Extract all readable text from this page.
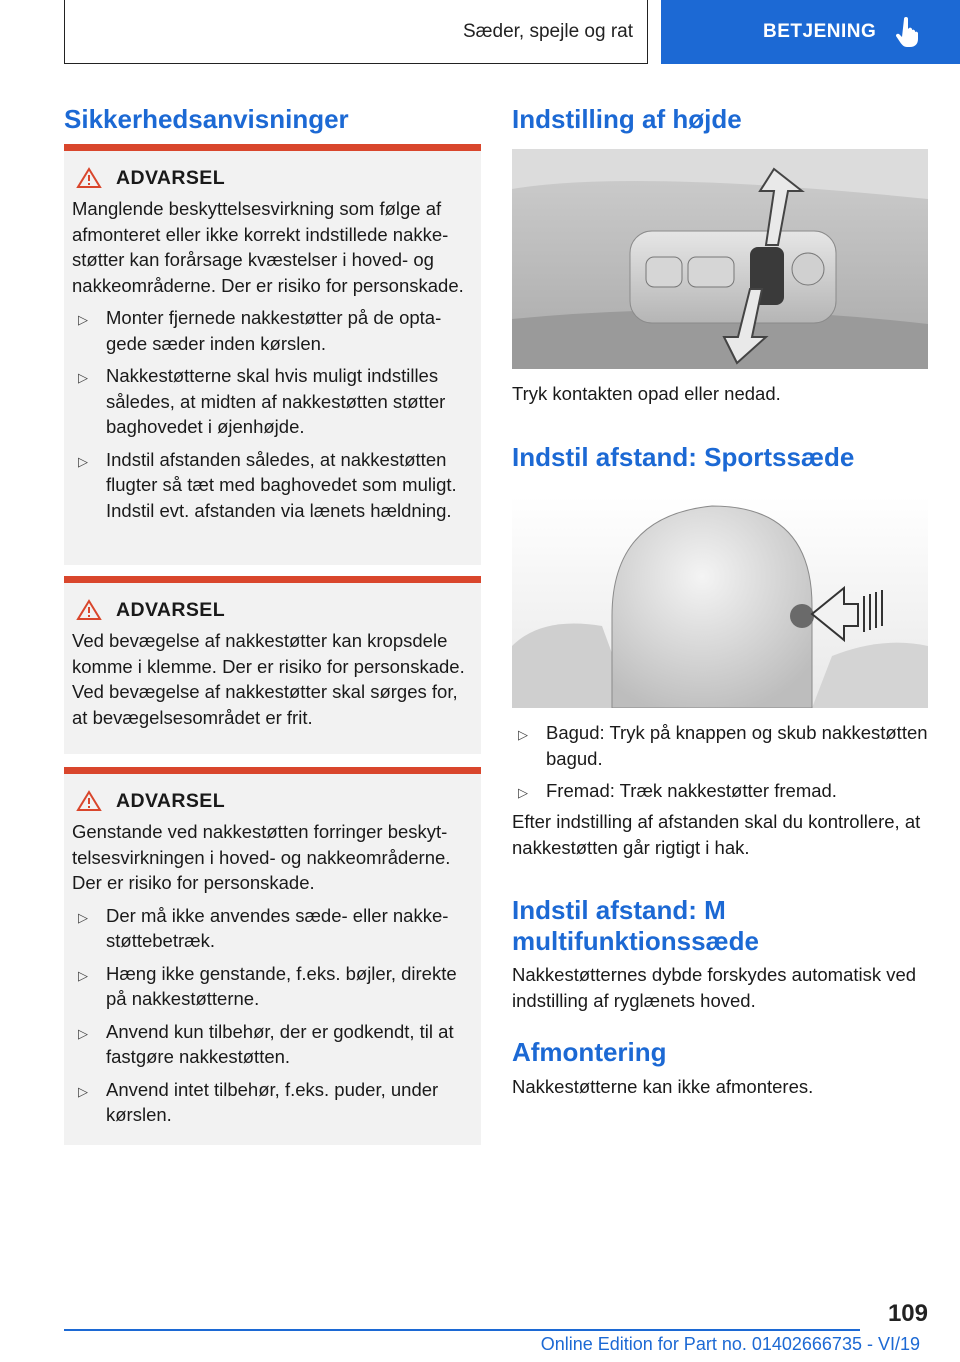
Sæder, spejle og rat	BETJENING
Sikkerhedsanvisninger
ADVARSEL

Manglende beskyttelsesvirkning som følge af afmonteret eller ikke korrekt indstillede nakkestøtter kan forårsage kvæstelser i hoved- og nakkeområderne. Der er risiko for personskade.

▷ Monter fjernede nakkestøtter på de optagede sæder inden kørslen.
▷ Nakkestøtterne skal hvis muligt indstilles således, at midten af nakkestøtten støtter baghovedet i øjenhøjde.
▷ Indstil afstanden således, at nakkestøtten flugter så tæt med baghovedet som muligt. Indstil evt. afstanden via lænets hældning.
ADVARSEL

Ved bevægelse af nakkestøtter kan kropsdele komme i klemme. Der er risiko for personskade. Ved bevægelse af nakkestøtter skal sørges for, at bevægelsesområdet er frit.

ADVARSEL

Genstande ved nakkestøtten forringer beskyttelsesvirkningen i hoved- og nakkeområderne. Der er risiko for personskade.

▷ Der må ikke anvendes sæde- eller nakkestøttebetræk.
▷ Hæng ikke genstande, f.eks. bøjler, direkte på nakkestøtterne.
▷ Anvend kun tilbehør, der er godkendt, til at fastgøre nakkestøtten.
▷ Anvend intet tilbehør, f.eks. puder, under kørslen.
Indstilling af højde

Tryk kontakten opad eller nedad.

Indstil afstand: Sportssæde
▷ Bagud: Tryk på knappen og skub nakkestøtten bagud.
▷ Fremad: Træk nakkestøtter fremad.

Efter indstilling af afstanden skal du kontrollere, at nakkestøtten går rigtigt i hak.

Indstil afstand: M multifunktionssæde

Nakkestøtternes dybde forskydes automatisk ved indstilling af ryglænets hoved.

Afmontering

Nakkestøtterne kan ikke afmonteres.

109
Online Edition for Part no. 01402666735 - VI/19
